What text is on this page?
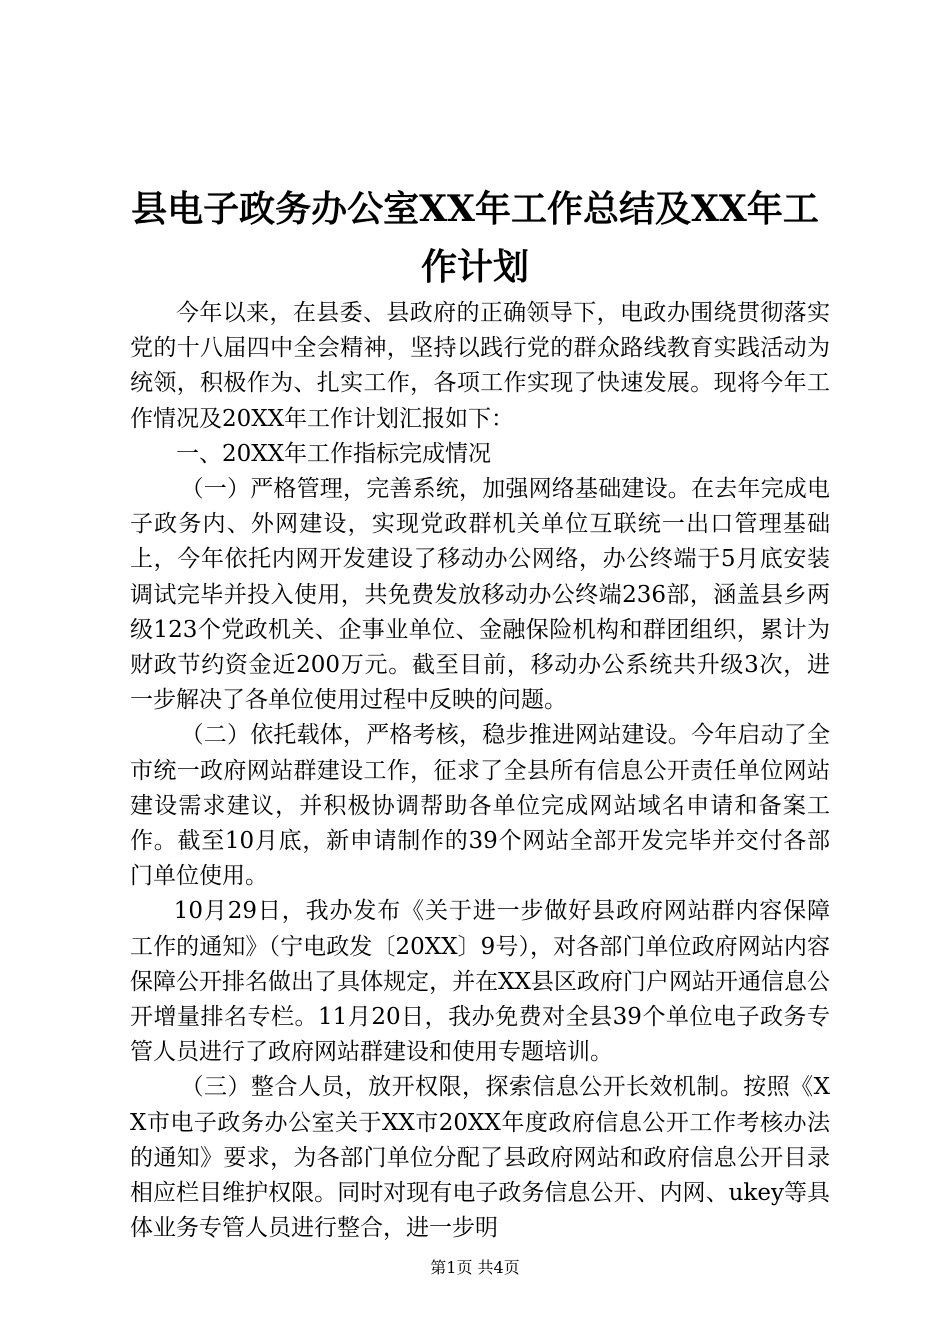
县电子政务办公室XX年工作总结及XX年工作计划

今年以来，在县委、县政府的正确领导下，电政办围绕贯彻落实党的十八届四中全会精神，坚持以践行党的群众路线教育实践活动为统领，积极作为、扎实工作，各项工作实现了快速发展。现将今年工作情况及20XX年工作计划汇报如下：

一、20XX年工作指标完成情况

（一）严格管理，完善系统，加强网络基础建设。在去年完成电子政务内、外网建设，实现党政群机关单位互联统一出口管理基础上，今年依托内网开发建设了移动办公网络，办公终端于5月底安装调试完毕并投入使用，共免费发放移动办公终端236部，涵盖县乡两级123个党政机关、企事业单位、金融保险机构和群团组织，累计为财政节约资金近200万元。截至目前，移动办公系统共升级3次，进一步解决了各单位使用过程中反映的问题。

（二）依托载体，严格考核，稳步推进网站建设。今年启动了全市统一政府网站群建设工作，征求了全县所有信息公开责任单位网站建设需求建议，并积极协调帮助各单位完成网站域名申请和备案工作。截至10月底，新申请制作的39个网站全部开发完毕并交付各部门单位使用。

10月29日，我办发布《关于进一步做好县政府网站群内容保障工作的通知》（宁电政发〔20XX〕9号），对各部门单位政府网站内容保障公开排名做出了具体规定，并在XX县区政府门户网站开通信息公开增量排名专栏。11月20日，我办免费对全县39个单位电子政务专管人员进行了政府网站群建设和使用专题培训。

（三）整合人员，放开权限，探索信息公开长效机制。按照《XX市电子政务办公室关于XX市20XX年度政府信息公开工作考核办法的通知》要求，为各部门单位分配了县政府网站和政府信息公开目录相应栏目维护权限。同时对现有电子政务信息公开、内网、ukey等具体业务专管人员进行整合，进一步明

第1页 共4页
